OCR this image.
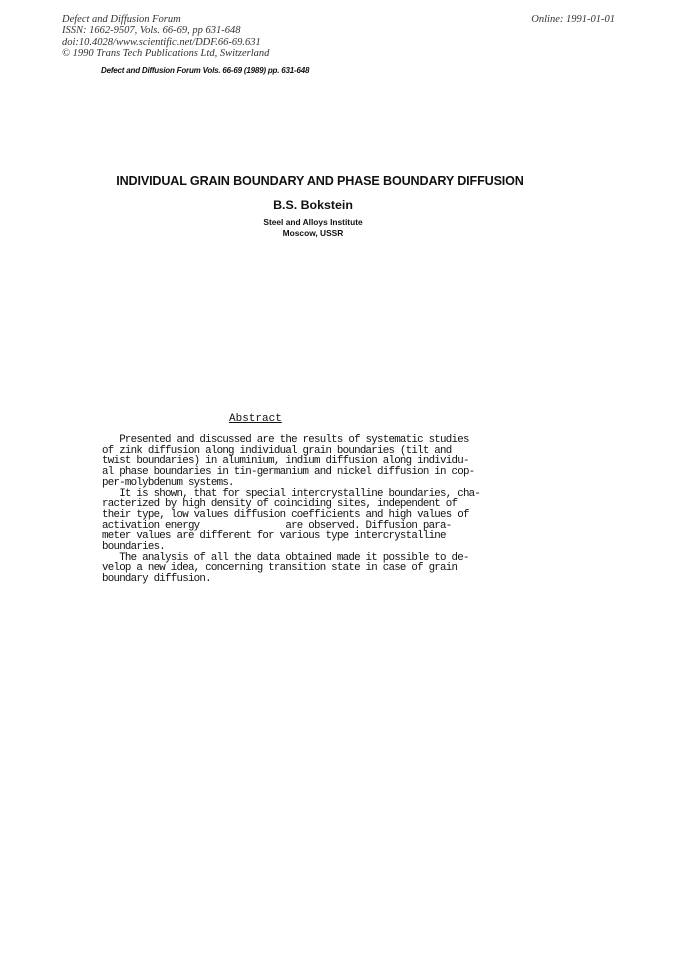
Defect and Diffusion Forum
ISSN: 1662-9507, Vols. 66-69, pp 631-648
doi:10.4028/www.scientific.net/DDF.66-69.631
© 1990 Trans Tech Publications Ltd, Switzerland
Online: 1991-01-01
Defect and Diffusion Forum Vols. 66-69 (1989) pp. 631-648
INDIVIDUAL GRAIN BOUNDARY AND PHASE BOUNDARY DIFFUSION
B.S. Bokstein
Steel and Alloys Institute
Moscow, USSR
Abstract
Presented and discussed are the results of systematic studies
of zink diffusion along individual grain boundaries (tilt and
twist boundaries) in aluminium, indium diffusion along individu-
al phase boundaries in tin-germanium and nickel diffusion in cop-
per-molybdenum systems.
It is shown, that for special intercrystalline boundaries, cha-
racterized by high density of coinciding sites, independent of
their type, low values diffusion coefficients and high values of
activation energy               are observed. Diffusion para-
meter values are different for various type intercrystalline
boundaries.
The analysis of all the data obtained made it possible to de-
velop a new idea, concerning transition state in case of grain
boundary diffusion.
